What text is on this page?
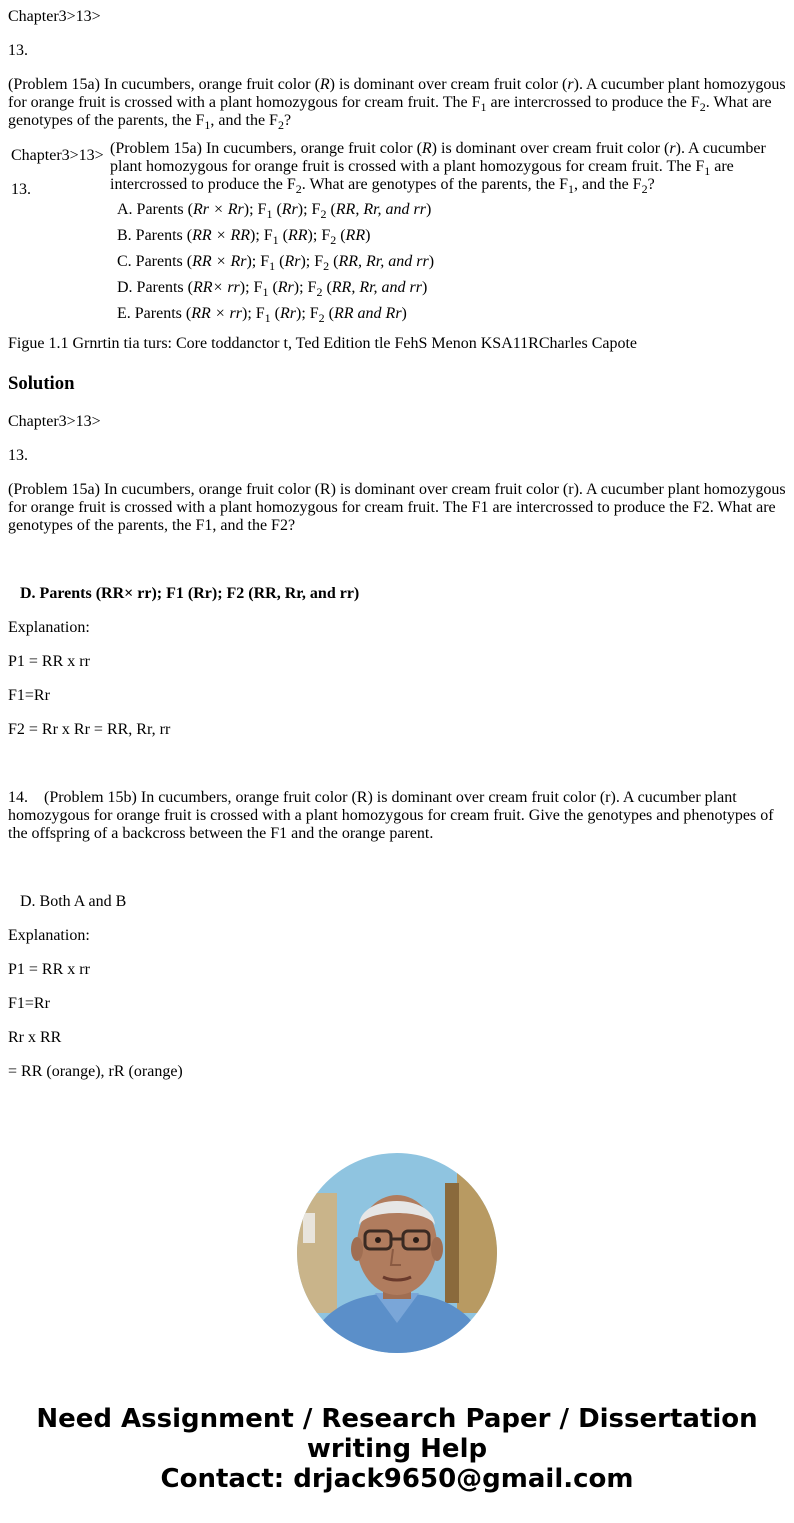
Chapter3>13>

13.

(Problem 15a) In cucumbers, orange fruit color (R) is dominant over cream fruit color (r). A cucumber plant homozygous for orange fruit is crossed with a plant homozygous for cream fruit. The $F_1$ are intercrossed to produce the $F_2$. What are genotypes of the parents, the $F_1$, and the $F_2$?

Chapter3>13>
13.

(Problem 15a) In cucumbers, orange fruit color (R) is dominant over cream fruit color (r). A cucumber plant homozygous for orange fruit is crossed with a plant homozygous for cream fruit. The $F_1$ are intercrossed to produce the $F_2$. What are genotypes of the parents, the $F_1$, and the $F_2$?

A. Parents (Rr × Rr); $F_1$ (Rr); $F_2$ (RR, Rr, and rr)
B. Parents (RR × RR); $F_1$ (RR); $F_2$ (RR)
C. Parents (RR × Rr); $F_1$ (Rr); $F_2$ (RR, Rr, and rr)
D. Parents (RR× rr); $F_1$ (Rr); $F_2$ (RR, Rr, and rr)
E. Parents (RR × rr); $F_1$ (Rr); $F_2$ (RR and Rr)

Figue 1.1 Grnrtin tia turs: Core toddanctor t, Ted Edition tle FehS Menon KSA11RCharles Capote

Solution

Chapter3>13>

13.

(Problem 15a) In cucumbers, orange fruit color (R) is dominant over cream fruit color (r). A cucumber plant homozygous for orange fruit is crossed with a plant homozygous for cream fruit. The F1 are intercrossed to produce the F2. What are genotypes of the parents, the F1, and the F2?

D. Parents (RR× rr); F1 (Rr); F2 (RR, Rr, and rr)

Explanation:

P1 = RR x rr

F1=Rr

F2 = Rr x Rr = RR, Rr, rr

14.    (Problem 15b) In cucumbers, orange fruit color (R) is dominant over cream fruit color (r). A cucumber plant homozygous for orange fruit is crossed with a plant homozygous for cream fruit. Give the genotypes and phenotypes of the offspring of a backcross between the F1 and the orange parent.

D. Both A and B

Explanation:

P1 = RR x rr

F1=Rr

Rr x RR

= RR (orange), rR (orange)

Need Assignment / Research Paper / Dissertation
writing Help
Contact: drjack9650@gmail.com
